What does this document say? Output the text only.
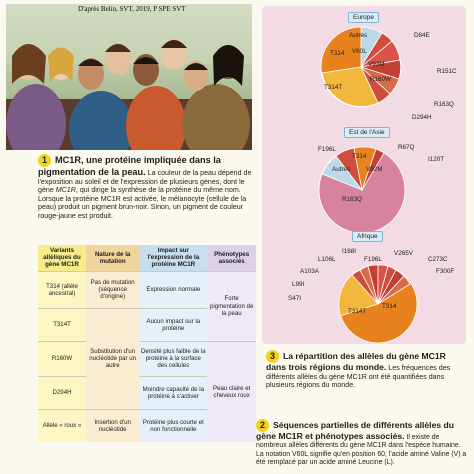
D'après Belin, SVT, 2019, P SPE SVT
1 MC1R, une protéine impliquée dans la pigmentation de la peau. La couleur de la peau dépend de l'exposition au soleil et de l'expression de plusieurs gènes, dont le gène MC1R, qui dirige la synthèse de la protéine du même nom. Lorsque la protéine MC1R est activée, le mélanocyte (cellule de la peau) produit un pigment brun-noir. Sinon, un pigment de couleur rouge-jaune est produit.
Variants alléliques du gène MC1R	Nature de la mutation	Impact sur l'expression de la protéine MC1R	Phénotypes associés
T314 (allèle ancestral)	Pas de mutation (séquence d'origine)	Expression normale	Forte pigmentation de la peau
T314T	Substitution d'un nucléotide par un autre	Aucun impact sur la protéine	
R160W		Densité plus faible de la protéine à la surface des cellules	Peau claire et cheveux roux
D294H		Moindre capacité de la protéine à s'activer	
Allèle « roux »	Insertion d'un nucléotide	Protéine plus courte et non fonctionnelle	
Europe
Autres
V60L
D84E
T314
V92M
R151C
R160W
T314T
R163Q
D294H
Est de l'Asie
Autres
F196L
V92M
R67Q
I120T
T314
R163Q
Afrique
I168I
F196L
V265V
L106L	C273C
A103A	F300F
L99I
S47I
T314
T314T
3 La répartition des allèles du gène MC1R dans trois régions du monde. Les fréquences des différents allèles du gène MC1R ont été quantifiées dans plusieurs régions du monde.
2 Séquences partielles de différents allèles du gène MC1R et phénotypes associés. Il existe de nombreux allèles différents du gène MC1R dans l'espèce humaine. La notation V60L signifie qu'en position 60, l'acide aminé Valine (V) a été remplacé par un acide aminé Leucine (L).
